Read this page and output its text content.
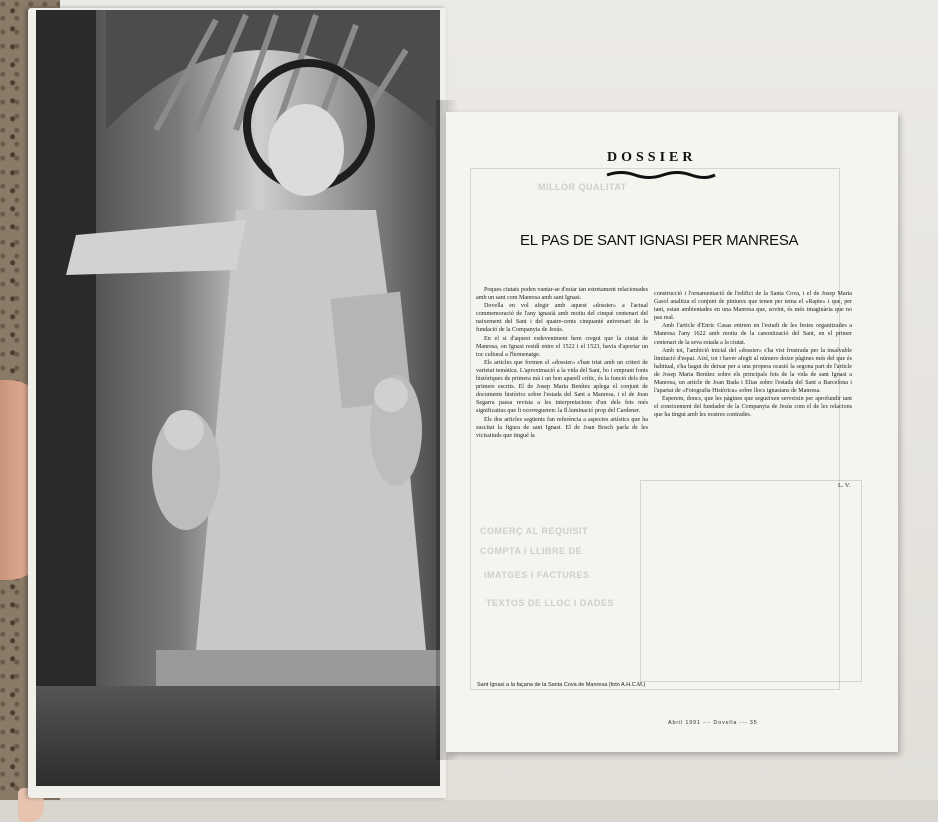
MILLOR QUALITAT
COMERÇ AL REQUISIT
COMPTA I LLIBRE DE
IMATGES I FACTURES
TEXTOS DE LLOC I DADES
DOSSIER
EL PAS DE SANT IGNASI PER MANRESA

Poques ciutats poden vantar-se d'estar tan estretament relacionades amb un sant com Manresa amb sant Ignasi.

Dovella en vol afegir amb aquest «dossier» a l'actual commemoració de l'any ignasià amb motiu del cinquè centenari del naixement del Sant i del quatre-cents cinquantè aniversari de la fundació de la Companyia de Jesús.

En el si d'aquest esdeveniment hem cregut que la ciutat de Manresa, on Ignasi residí entre el 1522 i el 1523, havia d'aportar un toc cultural a l'homenatge.

Els articles que formen el «dossier» s'han triat amb un criteri de varietat temàtica. L'aproximació a la vida del Sant, bo i emprant fonts històriques de primera mà i un bon aparell crític, és la funció dels dos primers escrits. El de Josep Maria Benítez aplega el conjunt de documents històrics sobre l'estada del Sant a Manresa, i el de Joan Segarra passa revista a les interpretacions d'un dels fets més significatius que li ocorregueren: la Il.luminació prop del Cardener.

Els dos articles següents fan referència a aspectes artístics que ha suscitat la figura de sant Ignasi. El de Joan Bosch parla de les vicissituds que tingué la

construcció i l'ornamentació de l'edifici de la Santa Cova, i el de Josep Maria Gasol analitza el conjunt de pintures que tenen per tema el «Rapte» i que, per tant, estan ambientades en una Manresa que, sovint, és més imaginària que no pas real.

Amb l'article d'Enric Casas entrem en l'estudi de les festes organitzades a Manresa l'any 1622 amb motiu de la canonització del Sant, en el primer centenari de la seva estada a la ciutat.

Amb tot, l'ambició inicial del «dossier» s'ha vist frustrada per la insalvable limitació d'espai. Així, tot i haver afegit al número dotze pàgines més del que és habitual, s'ha hagut de deixar per a una propera ocasió la segona part de l'article de Josep Maria Benítez sobre els principals fets de la vida de sant Ignasi a Manresa, un article de Joan Bada i Elias sobre l'estada del Sant a Barcelona i l'apartat de «Fotografia Històrica» sobre llocs ignasians de Manresa.

Esperem, doncs, que les pàgines que segueixen serveixin per aprofundir tant el coneixement del fundador de la Companyia de Jesús com el de les relacions que ha tingut amb les nostres contrades.

L. V.
Sant Ignasi a la façana de la Santa Cova de Manresa (foto A.H.C.M.)
Abril 1991 -·- Dovella -·- 35
